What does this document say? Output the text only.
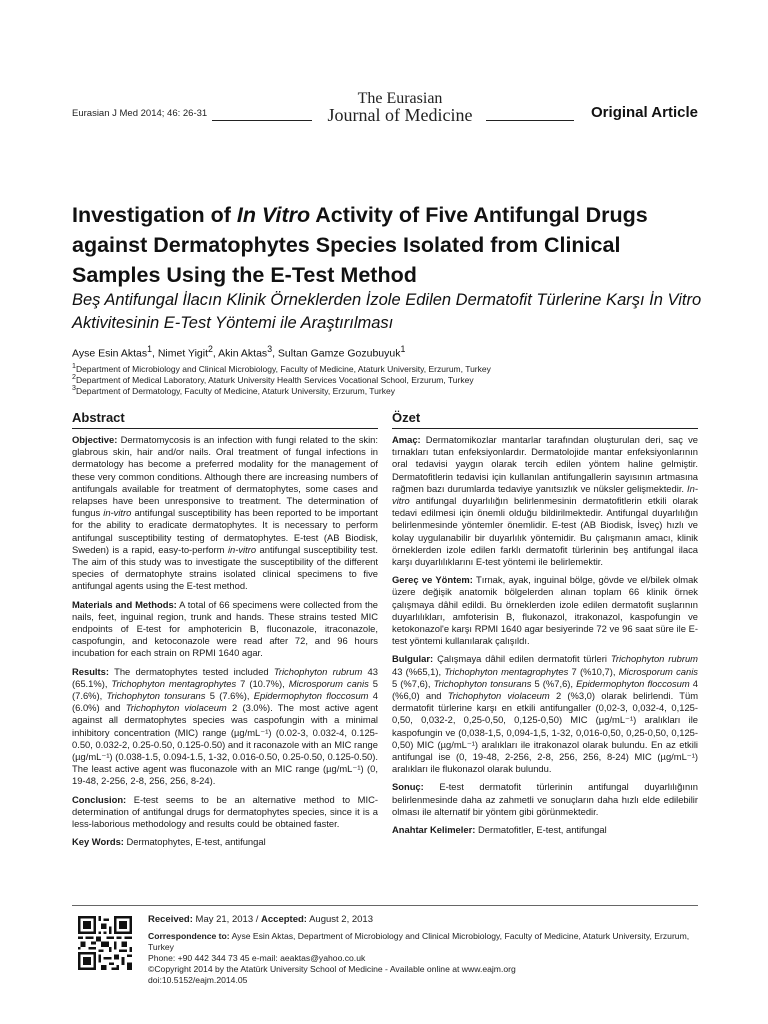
Eurasian J Med 2014; 46: 26-31
The Eurasian
Journal of Medicine	Original Article
Investigation of In Vitro Activity of Five Antifungal Drugs against Dermatophytes Species Isolated from Clinical Samples Using the E-Test Method

Beş Antifungal İlacın Klinik Örneklerden İzole Edilen Dermatofit Türlerine Karşı İn Vitro Aktivitesinin E-Test Yöntemi ile Araştırılması

Ayse Esin Aktas$^1$, Nimet Yigit$^2$, Akin Aktas$^3$, Sultan Gamze Gozubuyuk$^1$
$^1$Department of Microbiology and Clinical Microbiology, Faculty of Medicine, Ataturk University, Erzurum, Turkey
$^2$Department of Medical Laboratory, Ataturk University Health Services Vocational School, Erzurum, Turkey
$^3$Department of Dermatology, Faculty of Medicine, Ataturk University, Erzurum, Turkey
Abstract

Objective: Dermatomycosis is an infection with fungi related to the skin: glabrous skin, hair and/or nails. Oral treatment of fungal infections in dermatology has become a preferred modality for the management of these very common conditions. Although there are increasing numbers of antifungals available for treatment of dermatophytes, some cases and relapses have been unresponsive to treatment. The determination of fungus in-vitro antifungal susceptibility has been reported to be important for the ability to eradicate dermatophytes. It is necessary to perform antifungal susceptibility testing of dermatophytes. E-test (AB Biodisk, Sweden) is a rapid, easy-to-perform in-vitro antifungal susceptibility test. The aim of this study was to investigate the susceptibility of the different species of dermatophyte strains isolated clinical specimens to five antifungal agents using the E-test method.

Materials and Methods: A total of 66 specimens were collected from the nails, feet, inguinal region, trunk and hands. These strains tested MIC endpoints of E-test for amphotericin B, fluconazole, itraconazole, caspofungin, and ketoconazole were read after 72, and 96 hours incubation for each strain on RPMI 1640 agar.

Results: The dermatophytes tested included Trichophyton rubrum 43 (65.1%), Trichophyton mentagrophytes 7 (10.7%), Microsporum canis 5 (7.6%), Trichophyton tonsurans 5 (7.6%), Epidermophyton floccosum 4 (6.0%) and Trichophyton violaceum 2 (3.0%). The most active agent against all dermatophytes species was caspofungin with a minimal inhibitory concentration (MIC) range (µg/mL⁻¹) (0.02-3, 0.032-4, 0.125-0.50, 0.032-2, 0.25-0.50, 0.125-0.50) and it raconazole with an MIC range (µg/mL⁻¹) (0.038-1.5, 0.094-1.5, 1-32, 0.016-0.50, 0.25-0.50, 0.125-0.50). The least active agent was fluconazole with an MIC range (µg/mL⁻¹) (0, 19-48, 2-256, 2-8, 256, 256, 8-24).

Conclusion: E-test seems to be an alternative method to MIC-determination of antifungal drugs for dermatophytes species, since it is a less-laborious methodology and results could be obtained faster.

Key Words: Dermatophytes, E-test, antifungal

Özet

Amaç: Dermatomikozlar mantarlar tarafından oluşturulan deri, saç ve tırnakları tutan enfeksiyonlardır. Dermatolojide mantar enfeksiyonlarının oral tedavisi yaygın olarak tercih edilen yöntem haline gelmiştir. Dermatofitlerin tedavisi için kullanılan antifungallerin sayısının artmasına rağmen bazı durumlarda tedaviye yanıtsızlık ve nüksler gelişmektedir. In-vitro antifungal duyarlılığın belirlenmesinin dermatofitlerin etkili olarak tedavi edilmesi için önemli olduğu bildirilmektedir. Antifungal duyarlılığın belirlenmesinde yöntemler önemlidir. E-test (AB Biodisk, İsveç) hızlı ve kolay uygulanabilir bir duyarlılık yöntemidir. Bu çalışmanın amacı, klinik örneklerden izole edilen farklı dermatofit türlerinin beş antifungal ilaca karşı duyarlılıklarını E-test yöntemi ile belirlemektir.

Gereç ve Yöntem: Tırnak, ayak, inguinal bölge, gövde ve el/bilek olmak üzere değişik anatomik bölgelerden alınan toplam 66 klinik örnek çalışmaya dâhil edildi. Bu örneklerden izole edilen dermatofit suşlarının duyarlılıkları, amfoterisin B, flukonazol, itrakonazol, kaspofungin ve ketokonazol'e karşı RPMI 1640 agar besiyerinde 72 ve 96 saat süre ile E-test yöntemi kullanılarak çalışıldı.

Bulgular: Çalışmaya dâhil edilen dermatofit türleri Trichophyton rubrum 43 (%65,1), Trichophyton mentagrophytes 7 (%10,7), Microsporum canis 5 (%7,6), Trichophyton tonsurans 5 (%7,6), Epidermophyton floccosum 4 (%6,0) and Trichophyton violaceum 2 (%3,0) olarak belirlendi. Tüm dermatofit türlerine karşı en etkili antifungaller (0,02-3, 0,032-4, 0,125-0,50, 0,032-2, 0,25-0,50, 0,125-0,50) MIC (µg/mL⁻¹) aralıkları ile kaspofungin ve (0,038-1,5, 0,094-1,5, 1-32, 0,016-0,50, 0,25-0,50, 0,125-0,50) MIC (µg/mL⁻¹) aralıkları ile itrakonazol olarak bulundu. En az etkili antifungal ise (0, 19-48, 2-256, 2-8, 256, 256, 8-24) MIC (µg/mL⁻¹) aralıkları ile flukonazol olarak bulundu.

Sonuç: E-test dermatofit türlerinin antifungal duyarlılığının belirlenmesinde daha az zahmetli ve sonuçların daha hızlı elde edilebilir olması ile alternatif bir yöntem gibi görünmektedir.

Anahtar Kelimeler: Dermatofitler, E-test, antifungal

Received: May 21, 2013 / Accepted: August 2, 2013
Correspondence to: Ayse Esin Aktas, Department of Microbiology and Clinical Microbiology, Faculty of Medicine, Ataturk University, Erzurum, Turkey
Phone: +90 442 344 73 45 e-mail: aeaktas@yahoo.co.uk
©Copyright 2014 by the Atatürk University School of Medicine - Available online at www.eajm.org
doi:10.5152/eajm.2014.05
